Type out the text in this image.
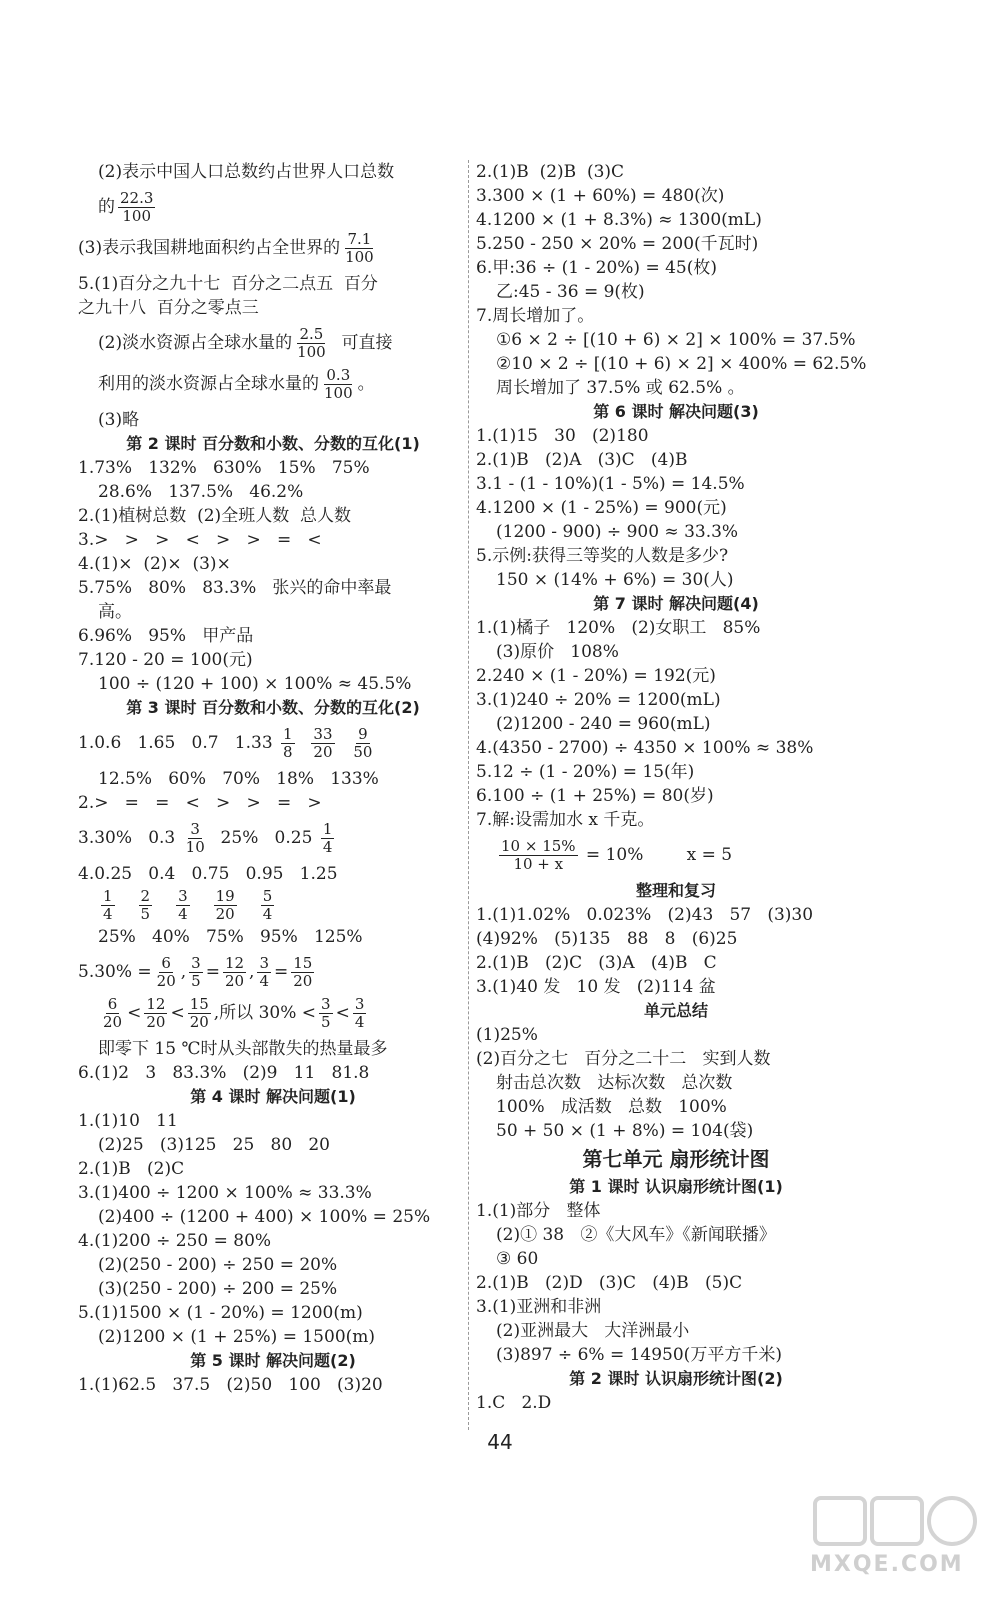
(2)表示中国人口总数约占世界人口总数
的 $\frac{22.3}{100}$
(3)表示我国耕地面积约占全世界的 $\frac{7.1}{100}$
5.(1)百分之九十七  百分之二点五  百分
之九十八  百分之零点三
(2)淡水资源占全球水量的 $\frac{2.5}{100}$ 可直接
利用的淡水资源占全球水量的 $\frac{0.3}{100}$ 。
(3)略
第 2 课时 百分数和小数、分数的互化(1)
1.73%   132%   630%   15%   75%
28.6%   137.5%   46.2%
2.(1)植树总数  (2)全班人数  总人数
3.>   >   >   <   >   >   =   <
4.(1)×  (2)×  (3)×
5.75%   80%   83.3%   张兴的命中率最
高。
6.96%   95%   甲产品
7.120 - 20 = 100(元)
100 ÷ (120 + 100) × 100% ≈ 45.5%
第 3 课时 百分数和小数、分数的互化(2)
1.0.6   1.65   0.7   $1.33 \frac{1}{8}$
$\frac{33}{20}$
$\frac{9}{50}$
12.5%   60%   70%   18%   133%
2.>   =   =   <   >   >   =   >
3.30%   $0.3 \frac{3}{10} 25\%$   $0.25 \frac{1}{4}$
4.0.25   0.4   0.75   0.95   1.25
$\frac{1}{4} \frac{2}{5} \frac{3}{4} \frac{19}{20} \frac{5}{4}$
25%   40%   75%   95%   125%
$5.30\% = \frac{6}{20}$ , $\frac{3}{5} = \frac{12}{20}$ , $\frac{3}{4} = \frac{15}{20}$
$\frac{6}{20} < \frac{12}{20} < \frac{15}{20}$ ,所以 $30\% < \frac{3}{5} < \frac{3}{4}$
即零下 15 ℃时从头部散失的热量最多
6.(1)2   3   83.3%   (2)9   11   81.8
第 4 课时 解决问题(1)
1.(1)10   11
(2)25   (3)125   25   80   20
2.(1)B   (2)C
3.(1)400 ÷ 1200 × 100% ≈ 33.3%
(2)400 ÷ (1200 + 400) × 100% = 25%
4.(1)200 ÷ 250 = 80%
(2)(250 - 200) ÷ 250 = 20%
(3)(250 - 200) ÷ 200 = 25%
5.(1)1500 × (1 - 20%) = 1200(m)
(2)1200 × (1 + 25%) = 1500(m)
第 5 课时 解决问题(2)
1.(1)62.5   37.5   (2)50   100   (3)20
2.(1)B  (2)B  (3)C
3.300 × (1 + 60%) = 480(次)
4.1200 × (1 + 8.3%) ≈ 1300(mL)
5.250 - 250 × 20% = 200(千瓦时)
6.甲:36 ÷ (1 - 20%) = 45(枚)
乙:45 - 36 = 9(枚)
7.周长增加了。
①6 × 2 ÷ [(10 + 6) × 2] × 100% = 37.5%
②10 × 2 ÷ [(10 + 6) × 2] × 400% = 62.5%
周长增加了 37.5% 或 62.5% 。
第 6 课时 解决问题(3)
1.(1)15   30   (2)180
2.(1)B   (2)A   (3)C   (4)B
3.1 - (1 - 10%)(1 - 5%) = 14.5%
4.1200 × (1 - 25%) = 900(元)
(1200 - 900) ÷ 900 ≈ 33.3%
5.示例:获得三等奖的人数是多少?
150 × (14% + 6%) = 30(人)
第 7 课时 解决问题(4)
1.(1)橘子   120%   (2)女职工   85%
(3)原价   108%
2.240 × (1 - 20%) = 192(元)
3.(1)240 ÷ 20% = 1200(mL)
(2)1200 - 240 = 960(mL)
4.(4350 - 2700) ÷ 4350 × 100% ≈ 38%
5.12 ÷ (1 - 20%) = 15(年)
6.100 ÷ (1 + 25%) = 80(岁)
7.解:设需加水 x 千克。
$\frac{10 \times 15\%}{10 + x} = 10\%$        x = 5
整理和复习
1.(1)1.02%   0.023%   (2)43   57   (3)30
(4)92%   (5)135   88   8   (6)25
2.(1)B   (2)C   (3)A   (4)B   C
3.(1)40 发   10 发   (2)114 盆
单元总结
(1)25%
(2)百分之七   百分之二十二   实到人数
射击总次数   达标次数   总次数
100%   成活数   总数   100%
50 + 50 × (1 + 8%) = 104(袋)
第七单元 扇形统计图
第 1 课时 认识扇形统计图(1)
1.(1)部分   整体
(2)① 38   ②《大风车》《新闻联播》
③ 60
2.(1)B   (2)D   (3)C   (4)B   (5)C
3.(1)亚洲和非洲
(2)亚洲最大   大洋洲最小
(3)897 ÷ 6% = 14950(万平方千米)
第 2 课时 认识扇形统计图(2)
1.C   2.D
44
MXQE.COM
